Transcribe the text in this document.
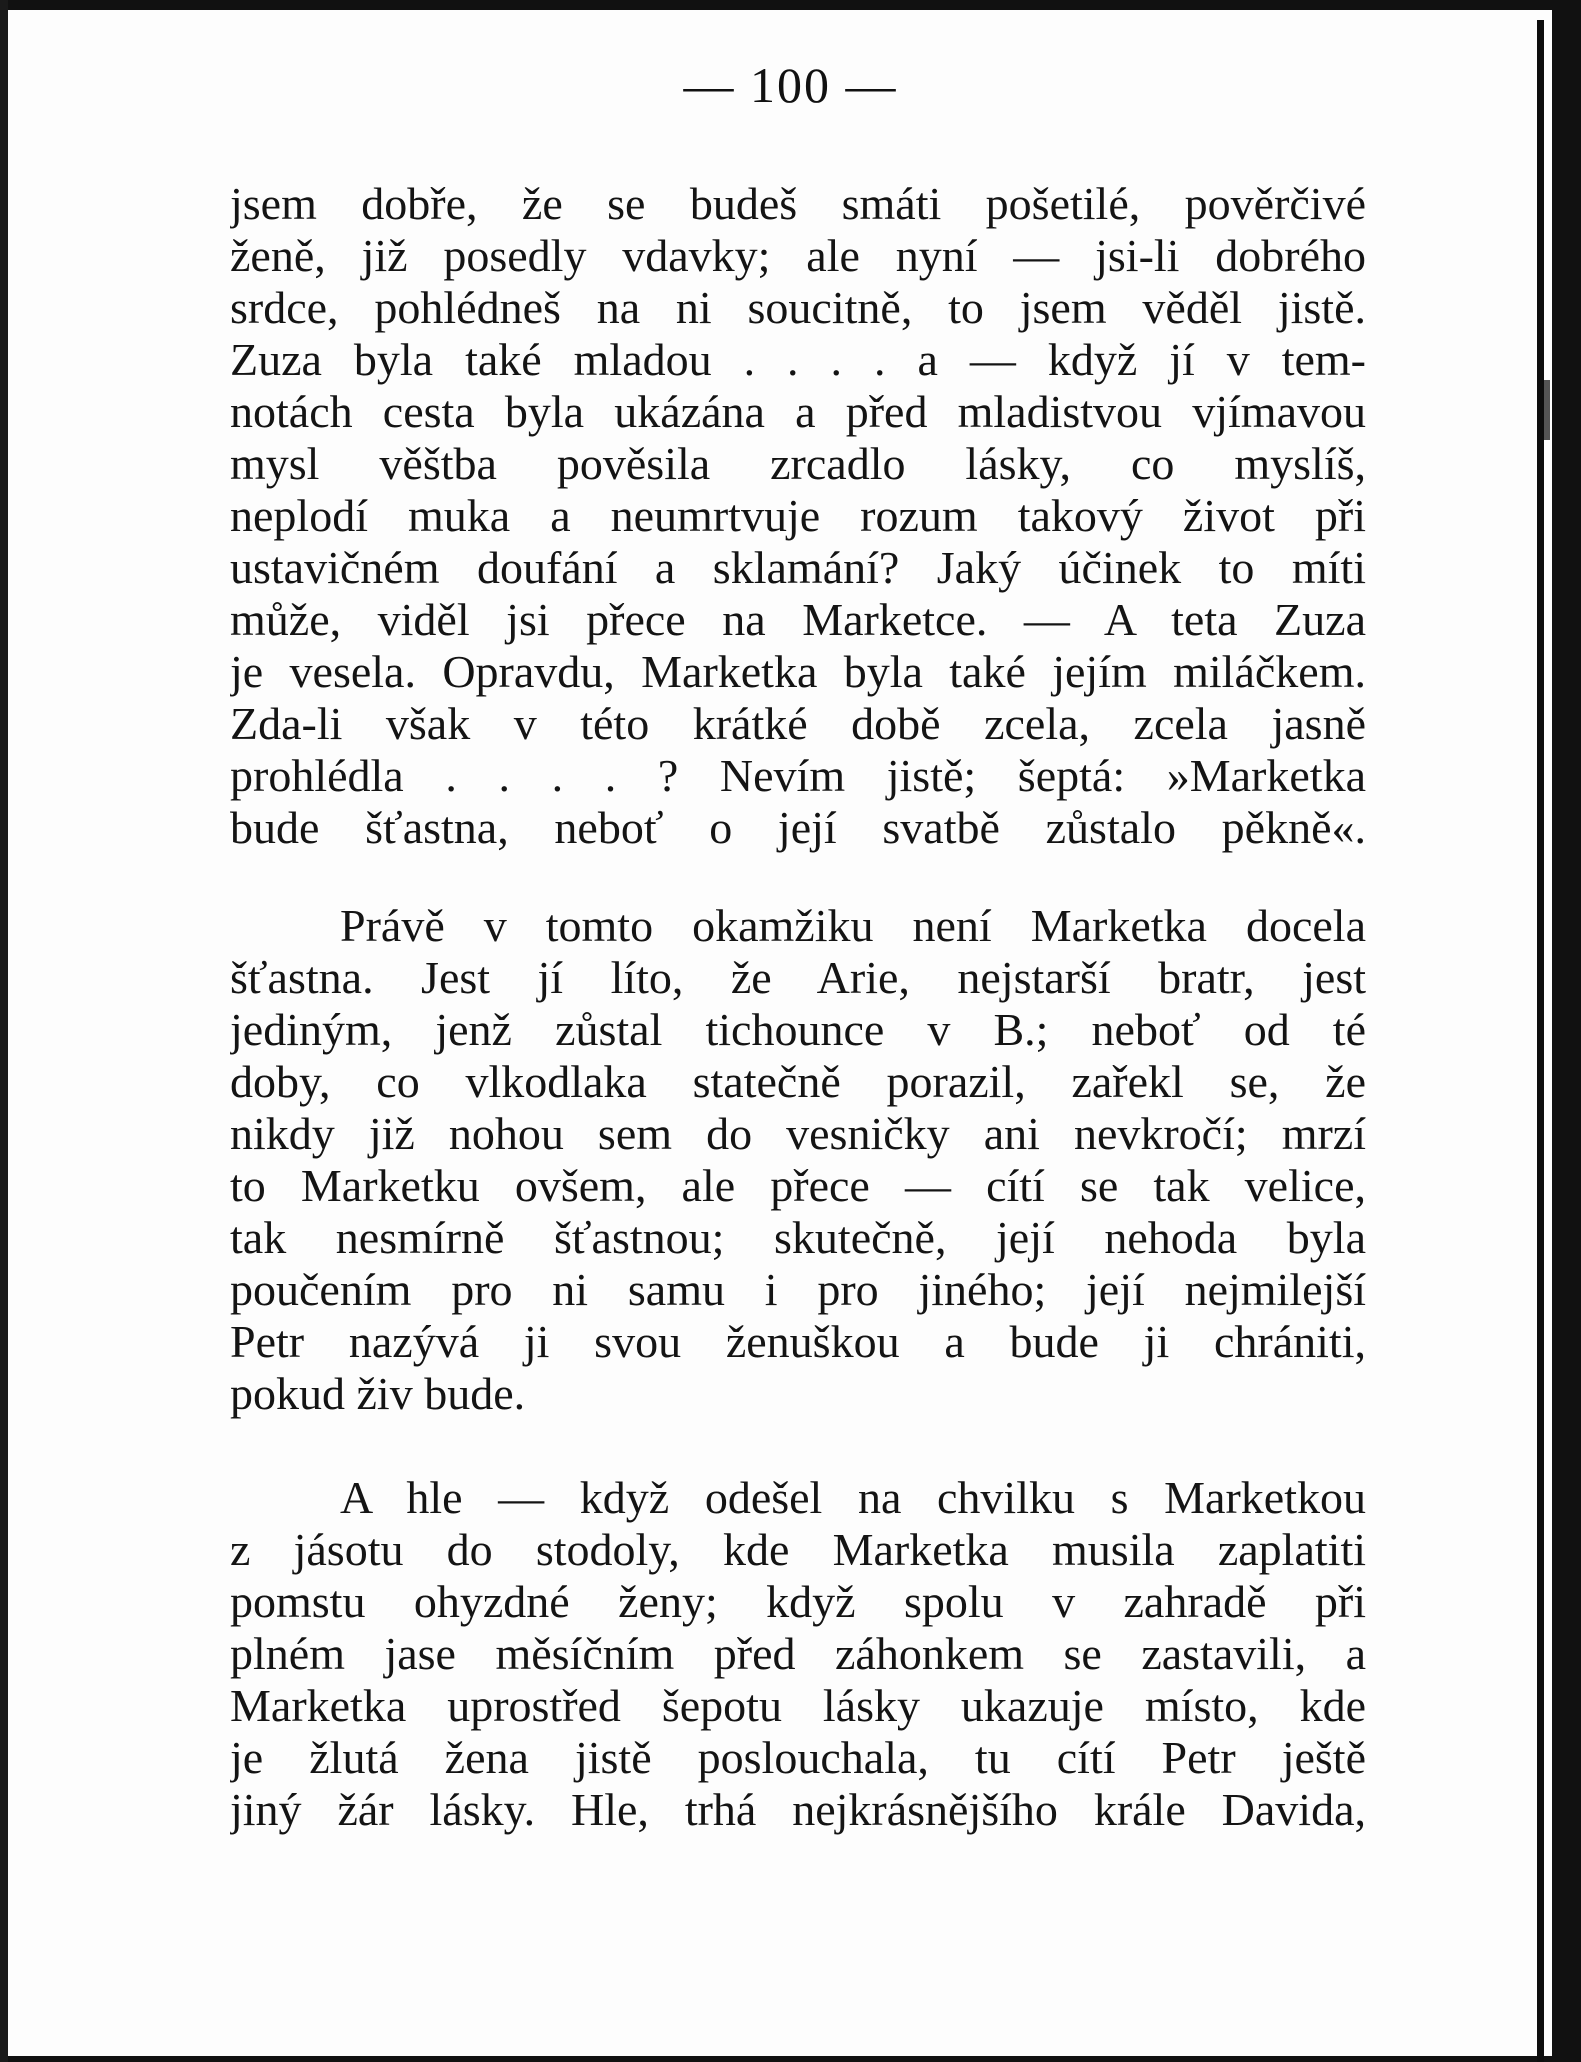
— 100 —
jsem dobře, že se budeš smáti pošetilé, pověrčivé
ženě, již posedly vdavky; ale nyní — jsi-li dobrého
srdce, pohlédneš na ni soucitně, to jsem věděl jistě.
Zuza byla také mladou . . . . a — když jí v tem-
notách cesta byla ukázána a před mladistvou vjímavou
mysl věštba pověsila zrcadlo lásky, co myslíš,
neplodí muka a neumrtvuje rozum takový život při
ustavičném doufání a sklamání? Jaký účinek to míti
může, viděl jsi přece na Marketce. — A teta Zuza
je vesela. Opravdu, Marketka byla také jejím miláčkem.
Zda-li však v této krátké době zcela, zcela jasně
prohlédla . . . . ? Nevím jistě; šeptá: »Marketka
bude šťastna, neboť o její svatbě zůstalo pěkně«.
Právě v tomto okamžiku není Marketka docela
šťastna. Jest jí líto, že Arie, nejstarší bratr, jest
jediným, jenž zůstal tichounce v B.; neboť od té
doby, co vlkodlaka statečně porazil, zařekl se, že
nikdy již nohou sem do vesničky ani nevkročí; mrzí
to Marketku ovšem, ale přece — cítí se tak velice,
tak nesmírně šťastnou; skutečně, její nehoda byla
poučením pro ni samu i pro jiného; její nejmilejší
Petr nazývá ji svou ženuškou a bude ji chrániti,
pokud živ bude.
A hle — když odešel na chvilku s Marketkou
z jásotu do stodoly, kde Marketka musila zaplatiti
pomstu ohyzdné ženy; když spolu v zahradě při
plném jase měsíčním před záhonkem se zastavili, a
Marketka uprostřed šepotu lásky ukazuje místo, kde
je žlutá žena jistě poslouchala, tu cítí Petr ještě
jiný žár lásky. Hle, trhá nejkrásnějšího krále Davida,
